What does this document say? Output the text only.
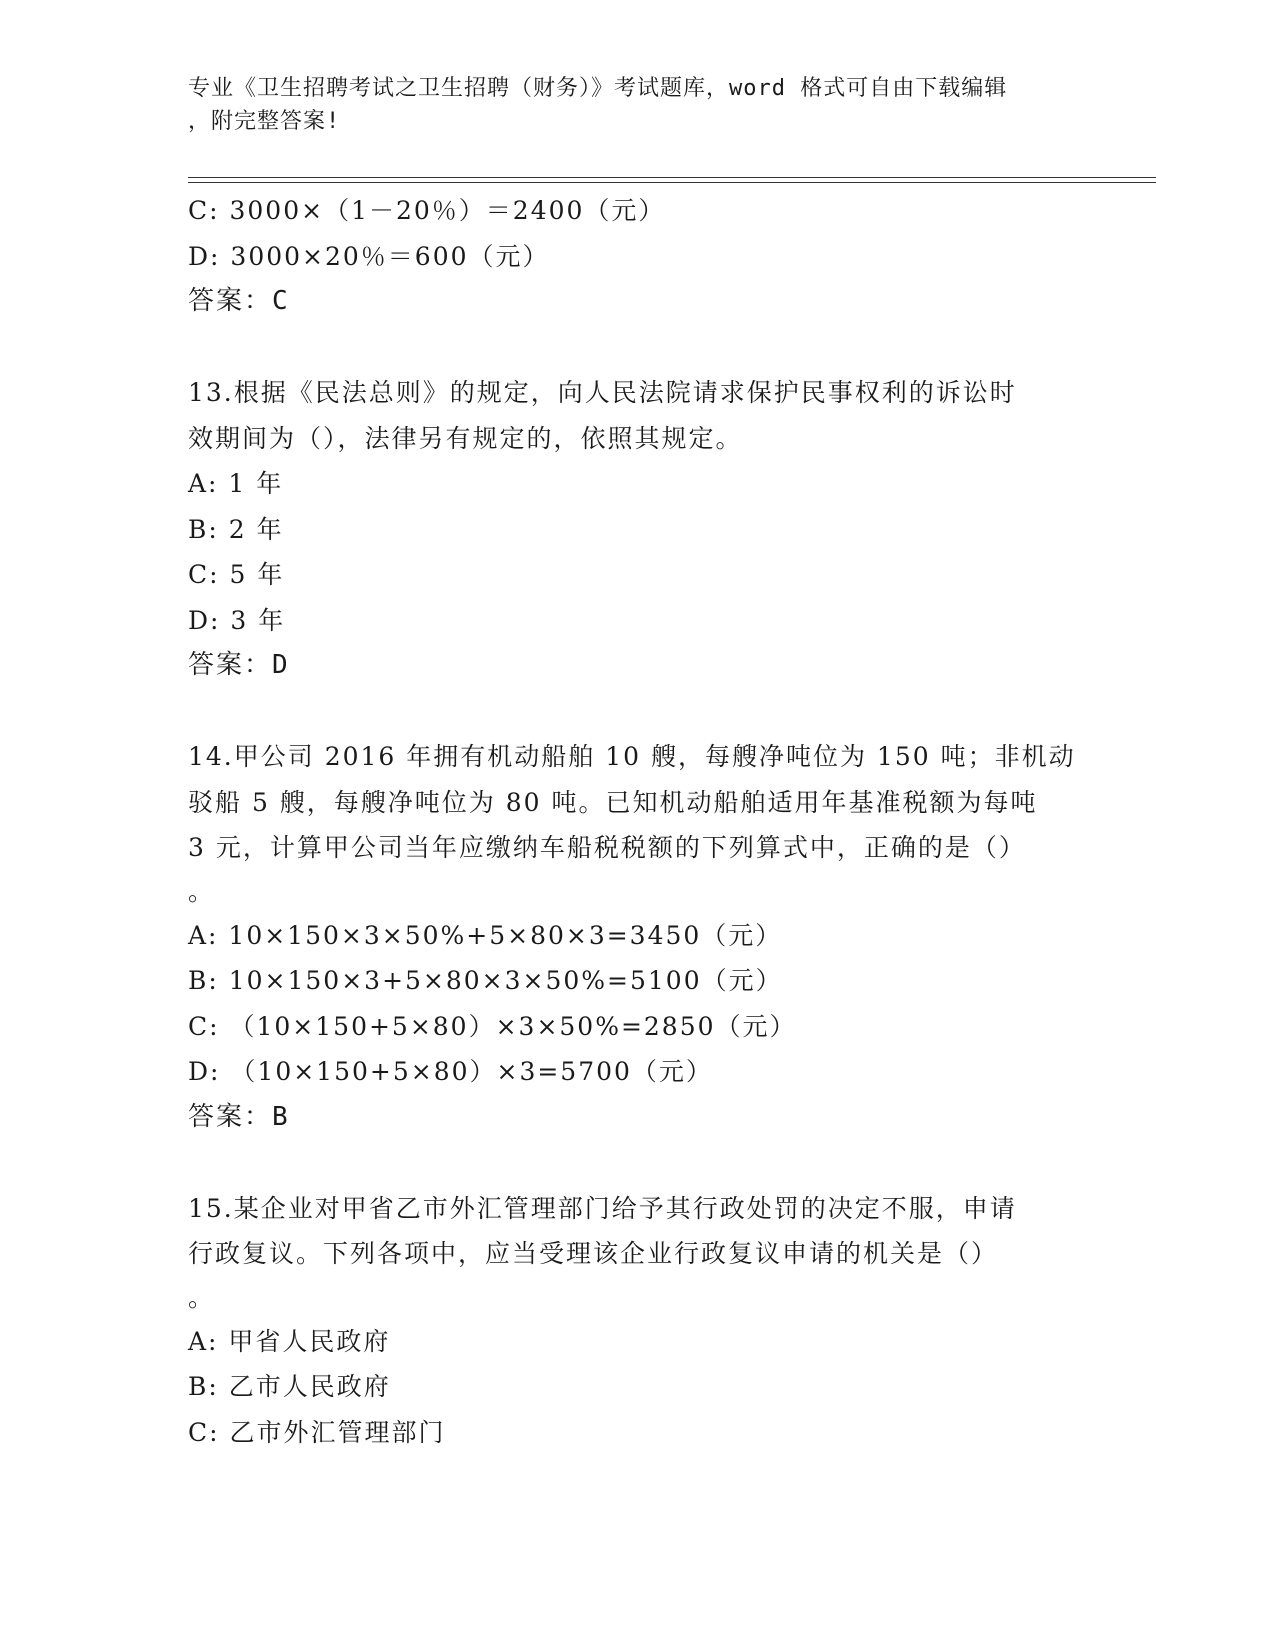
专业《卫生招聘考试之卫生招聘（财务）》考试题库，word 格式可自由下载编辑
，附完整答案!
C: 3000×（1－20％）＝2400（元）
D: 3000×20％＝600（元）
答案：C
13.根据《民法总则》的规定，向人民法院请求保护民事权利的诉讼时
效期间为（），法律另有规定的，依照其规定。
A: 1 年
B: 2 年
C: 5 年
D: 3 年
答案：D
14.甲公司 2016 年拥有机动船舶 10 艘，每艘净吨位为 150 吨；非机动
驳船 5 艘，每艘净吨位为 80 吨。已知机动船舶适用年基准税额为每吨
3 元，计算甲公司当年应缴纳车船税税额的下列算式中，正确的是（）
。
A: 10×150×3×50%+5×80×3=3450（元）
B: 10×150×3+5×80×3×50%=5100（元）
C: （10×150+5×80）×3×50%=2850（元）
D: （10×150+5×80）×3=5700（元）
答案：B
15.某企业对甲省乙市外汇管理部门给予其行政处罚的决定不服，申请
行政复议。下列各项中，应当受理该企业行政复议申请的机关是（）
。
A: 甲省人民政府
B: 乙市人民政府
C: 乙市外汇管理部门
